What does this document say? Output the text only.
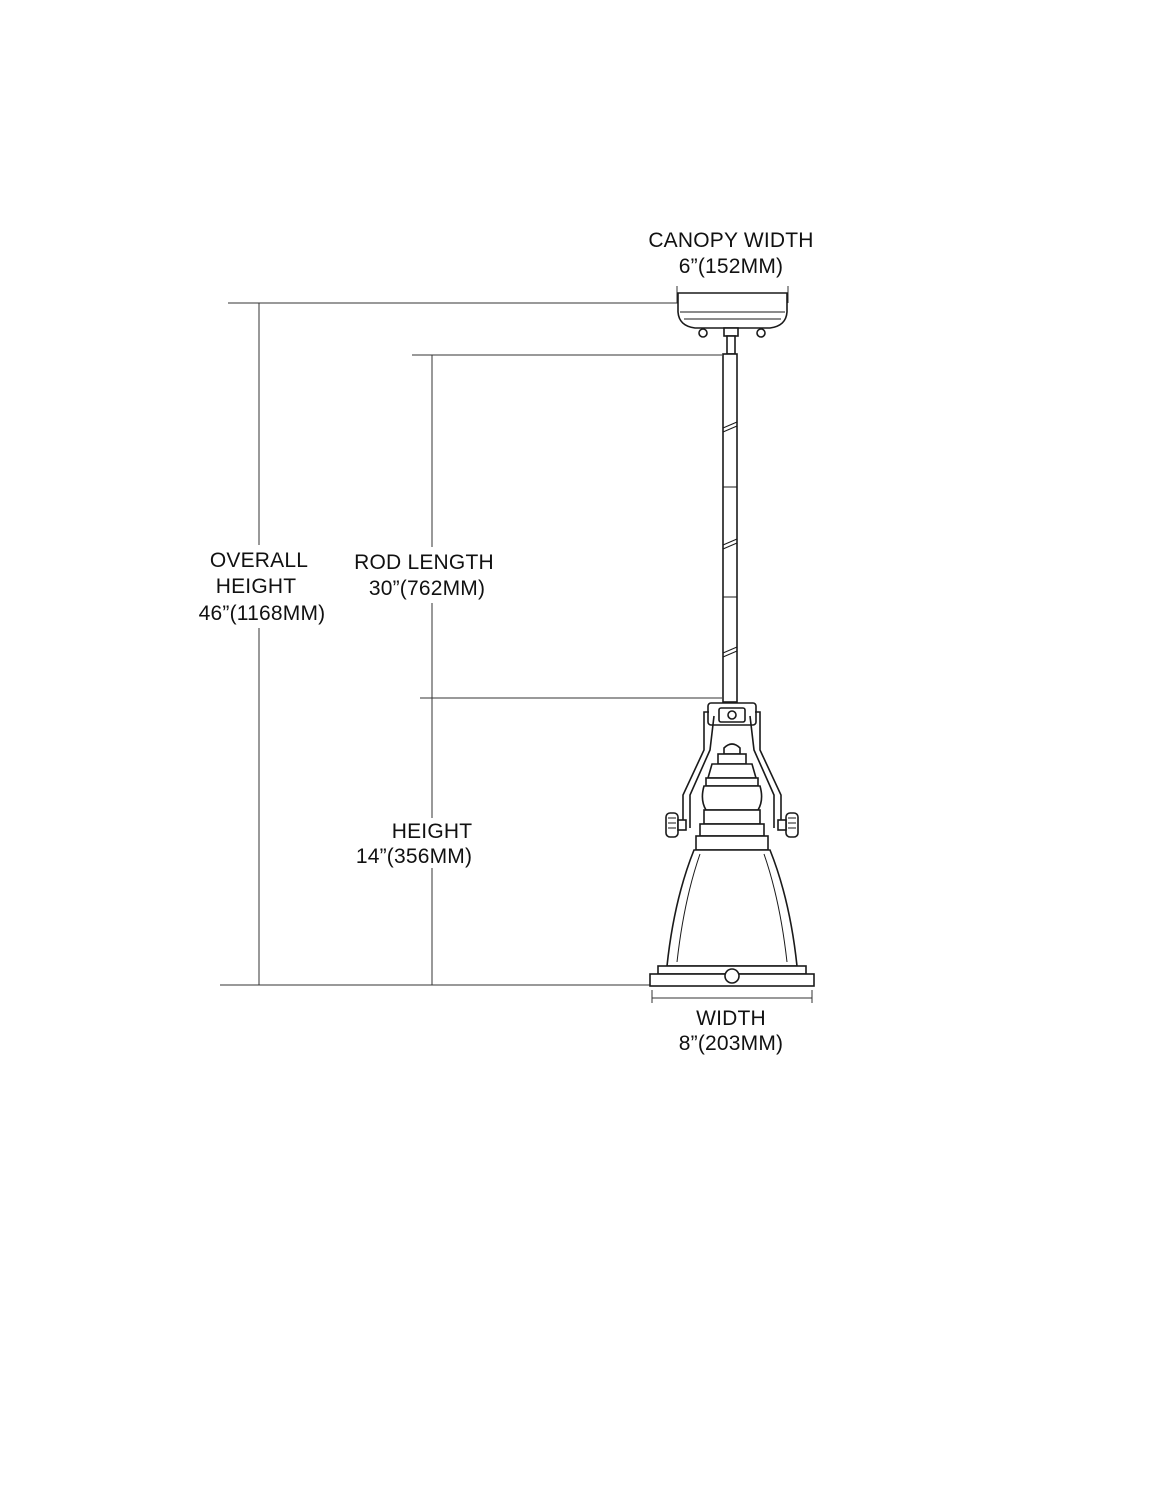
CANOPY WIDTH
6”(152MM)
OVERALL
HEIGHT
46”(1168MM)
ROD LENGTH
30”(762MM)
HEIGHT
14”(356MM)
WIDTH
8”(203MM)
